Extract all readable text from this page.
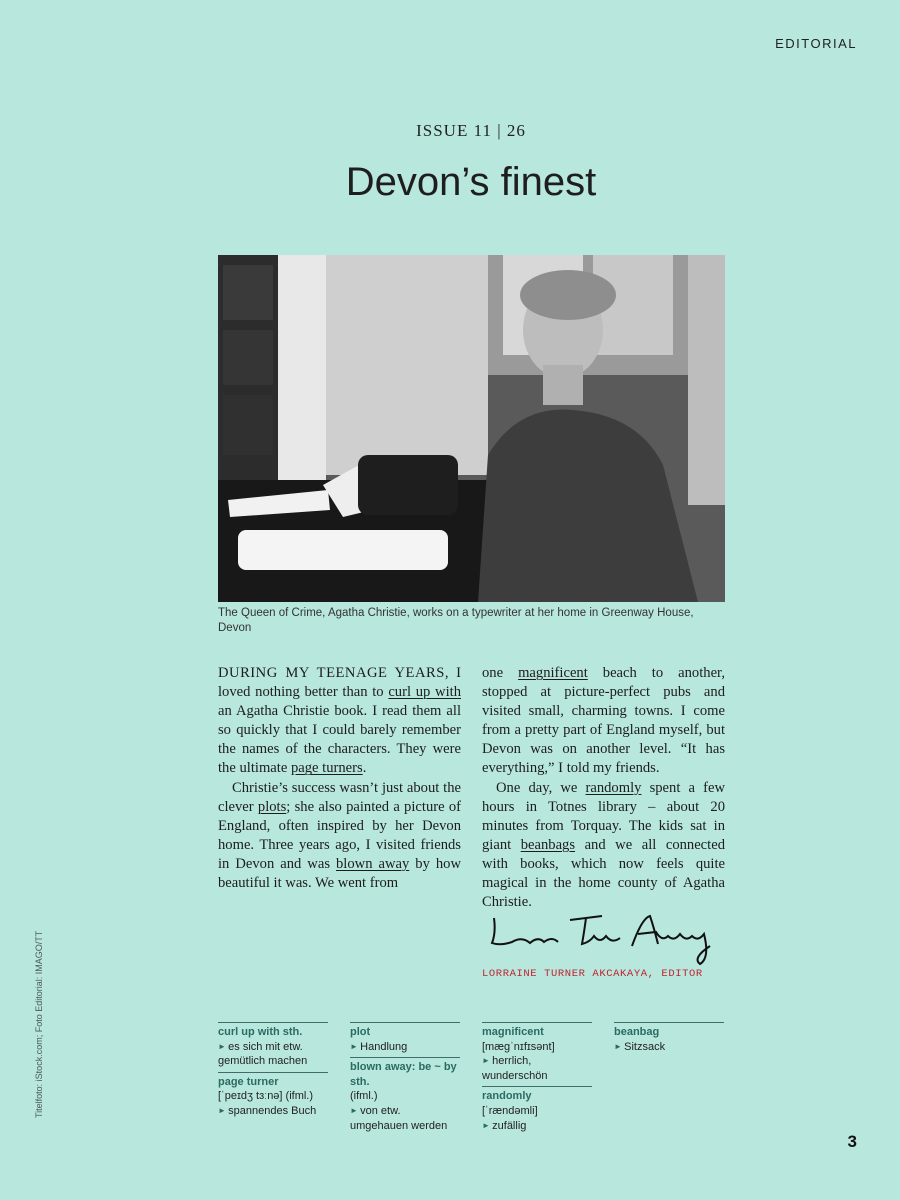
EDITORIAL
ISSUE 11 | 26
Devon’s finest
The Queen of Crime, Agatha Christie, works on a typewriter at her home in Greenway House, Devon

DURING MY TEENAGE YEARS, I loved nothing better than to curl up with an Agatha Christie book. I read them all so quickly that I could barely remember the names of the characters. They were the ultimate page turners.

Christie’s success wasn’t just about the clever plots; she also painted a picture of England, often inspired by her Devon home. Three years ago, I visited friends in Devon and was blown away by how beautiful it was. We went from

one magnificent beach to another, stopped at picture-perfect pubs and visited small, charming towns. I come from a pretty part of England myself, but Devon was on another level. “It has everything,” I told my friends.

One day, we randomly spent a few hours in Totnes library – about 20 minutes from Torquay. The kids sat in giant beanbags and we all connected with books, which now feels quite magical in the home county of Agatha Christie.

LORRAINE TURNER AKCAKAYA, EDITOR
curl up with sth.
► es sich mit etw. gemütlich machen
page turner
[ˈpeɪdʒ tɜːnə] (ifml.)
► spannendes Buch
plot
► Handlung
blown away: be ~ by sth.
(ifml.)
► von etw. umgehauen werden
magnificent
[mægˈnɪfɪsənt]
► herrlich, wunderschön
randomly
[ˈrændəmli]
► zufällig
beanbag
► Sitzsack
Titelfoto: iStock.com; Foto Editorial: IMAGO/TT
3
